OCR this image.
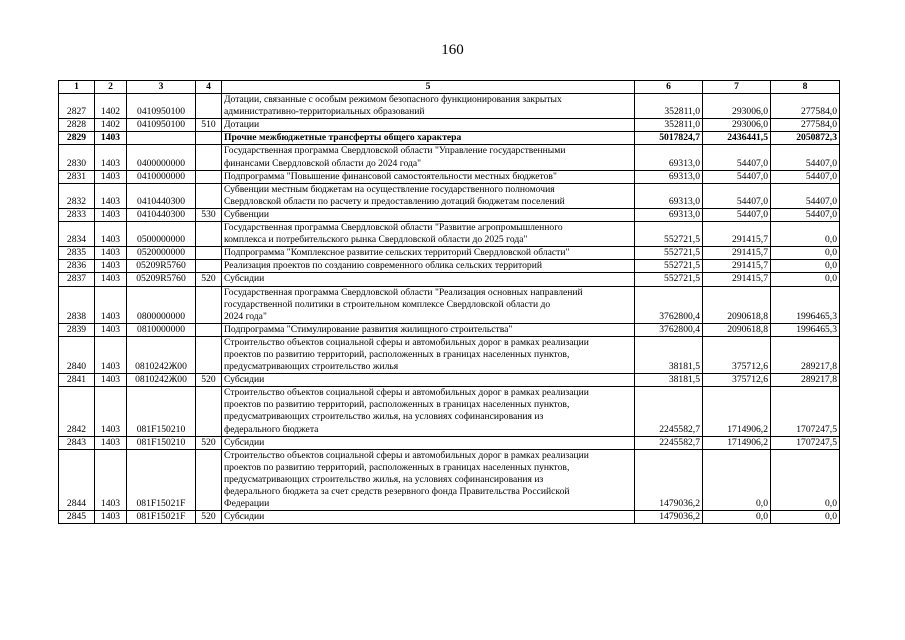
160
1	2	3	4	5	6	7	8
2827	1402	0410950100		Дотации, связанные с особым режимом безопасного функционирования закрытых
административно-территориальных образований	352811,0	293006,0	277584,0
2828	1402	0410950100	510	Дотации	352811,0	293006,0	277584,0
2829	1403			Прочие межбюджетные трансферты общего характера	5017824,7	2436441,5	2050872,3
2830	1403	0400000000		Государственная программа Свердловской области "Управление государственными
финансами Свердловской области до 2024 года"	69313,0	54407,0	54407,0
2831	1403	0410000000		Подпрограмма "Повышение финансовой самостоятельности местных бюджетов"	69313,0	54407,0	54407,0
2832	1403	0410440300		Субвенции местным бюджетам на осуществление государственного полномочия
Свердловской области по расчету и предоставлению дотаций бюджетам поселений	69313,0	54407,0	54407,0
2833	1403	0410440300	530	Субвенции	69313,0	54407,0	54407,0
2834	1403	0500000000		Государственная программа Свердловской области "Развитие агропромышленного
комплекса и потребительского рынка Свердловской области до 2025 года"	552721,5	291415,7	0,0
2835	1403	0520000000		Подпрограмма "Комплексное развитие сельских территорий Свердловской области"	552721,5	291415,7	0,0
2836	1403	05209R5760		Реализация проектов по созданию современного облика сельских территорий	552721,5	291415,7	0,0
2837	1403	05209R5760	520	Субсидии	552721,5	291415,7	0,0
2838	1403	0800000000		Государственная программа Свердловской области "Реализация основных направлений
государственной политики в строительном комплексе Свердловской области до
2024 года"	3762800,4	2090618,8	1996465,3
2839	1403	0810000000		Подпрограмма "Стимулирование развития жилищного строительства"	3762800,4	2090618,8	1996465,3
2840	1403	0810242Ж00		Строительство объектов социальной сферы и автомобильных дорог в рамках реализации
проектов по развитию территорий, расположенных в границах населенных пунктов,
предусматривающих строительство жилья	38181,5	375712,6	289217,8
2841	1403	0810242Ж00	520	Субсидии	38181,5	375712,6	289217,8
2842	1403	081F150210		Строительство объектов социальной сферы и автомобильных дорог в рамках реализации
проектов по развитию территорий, расположенных в границах населенных пунктов,
предусматривающих строительство жилья, на условиях софинансирования из
федерального бюджета	2245582,7	1714906,2	1707247,5
2843	1403	081F150210	520	Субсидии	2245582,7	1714906,2	1707247,5
2844	1403	081F15021F		Строительство объектов социальной сферы и автомобильных дорог в рамках реализации
проектов по развитию территорий, расположенных в границах населенных пунктов,
предусматривающих строительство жилья, на условиях софинансирования из
федерального бюджета за счет средств резервного фонда Правительства Российской
Федерации	1479036,2	0,0	0,0
2845	1403	081F15021F	520	Субсидии	1479036,2	0,0	0,0
